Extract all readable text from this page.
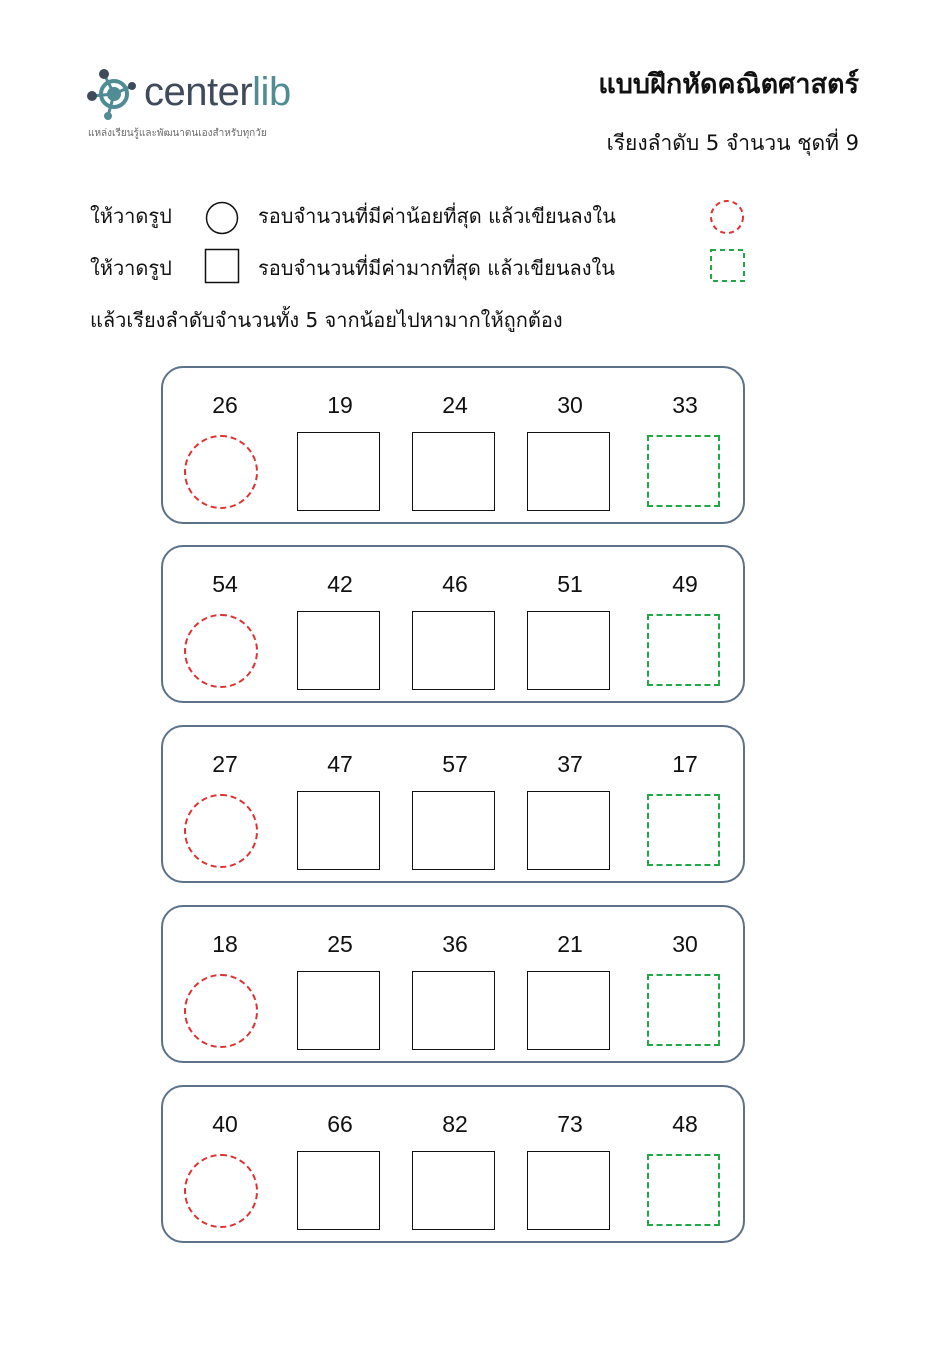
centerlib
แหล่งเรียนรู้และพัฒนาตนเองสำหรับทุกวัย
แบบฝึกหัดคณิตศาสตร์
เรียงลำดับ 5 จำนวน ชุดที่ 9
ให้วาดรูป	รอบจำนวนที่มีค่าน้อยที่สุด แล้วเขียนลงใน
ให้วาดรูป	รอบจำนวนที่มีค่ามากที่สุด แล้วเขียนลงใน
แล้วเรียงลำดับจำนวนทั้ง 5 จากน้อยไปหามากให้ถูกต้อง
26	19	24	30	33
54	42	46	51	49
27	47	57	37	17
18	25	36	21	30
40	66	82	73	48
